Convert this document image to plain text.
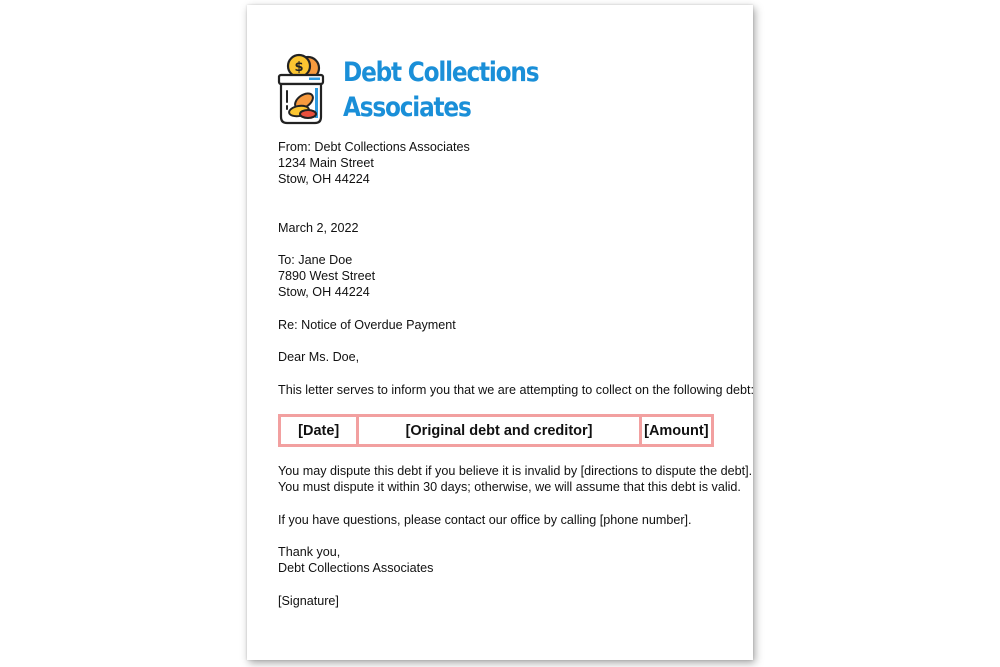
$ Debt Collections
Associates
From: Debt Collections Associates
1234 Main Street
Stow, OH 44224
March 2, 2022
To: Jane Doe
7890 West Street
Stow, OH 44224
Re: Notice of Overdue Payment
Dear Ms. Doe,
This letter serves to inform you that we are attempting to collect on the following debt:
[Date]	[Original debt and creditor]	[Amount]
You may dispute this debt if you believe it is invalid by [directions to dispute the debt].
You must dispute it within 30 days; otherwise, we will assume that this debt is valid.
If you have questions, please contact our office by calling [phone number].
Thank you,
Debt Collections Associates
[Signature]
